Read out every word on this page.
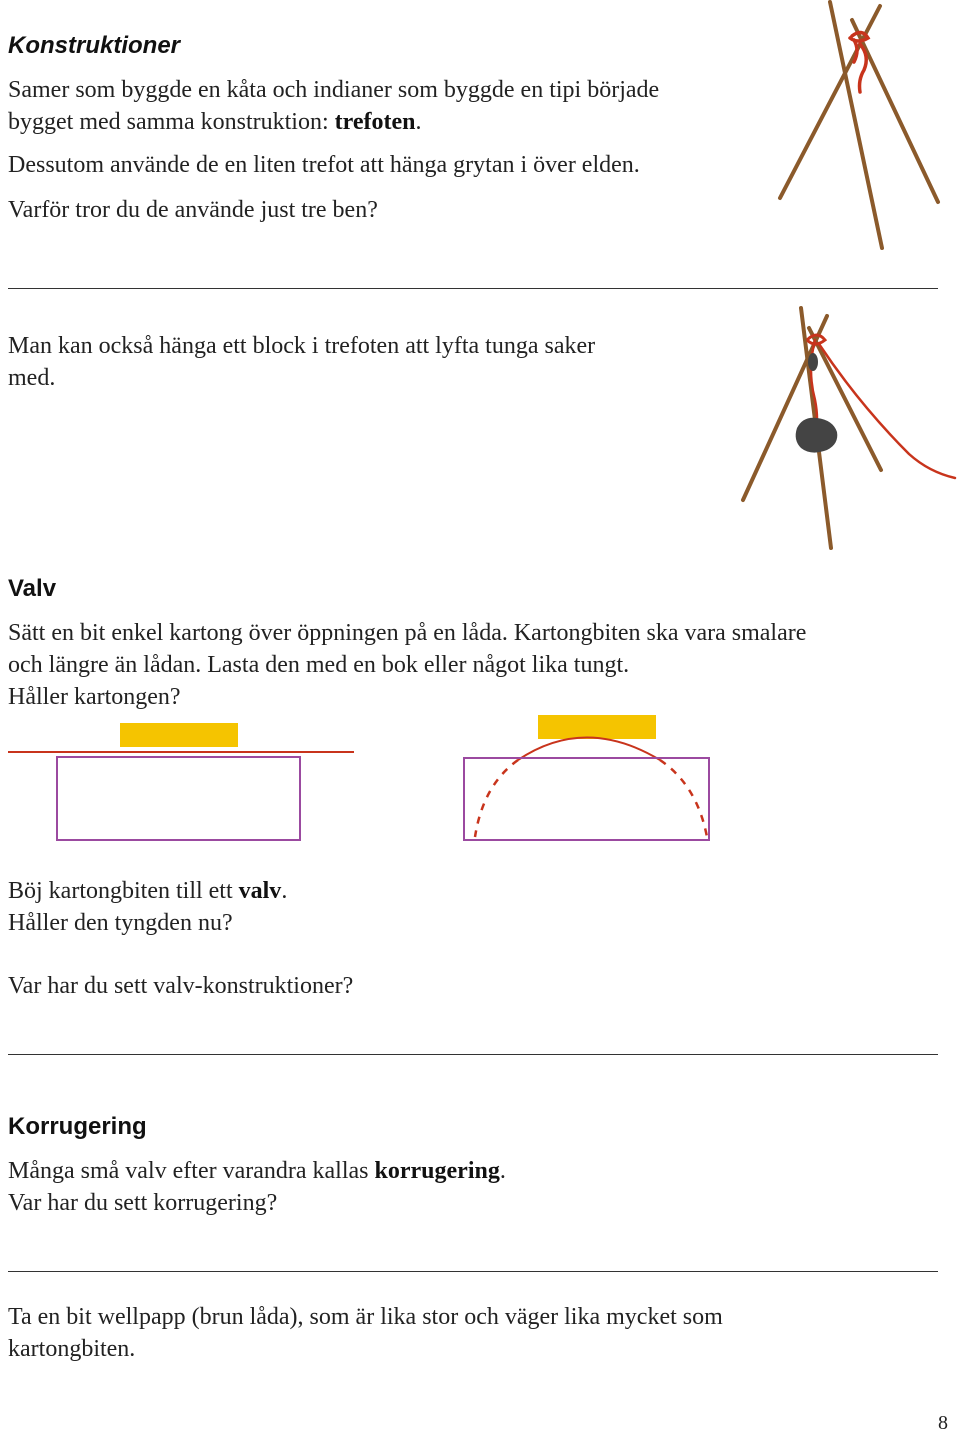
Konstruktioner
Samer som byggde en kåta och indianer som byggde en tipi började
bygget med samma konstruktion: trefoten.
Dessutom använde de en liten trefot att hänga grytan i över elden.
Varför tror du de använde just tre ben?
Man kan också hänga ett block i trefoten att lyfta tunga saker
med.
Valv
Sätt en bit enkel kartong över öppningen på en låda. Kartongbiten ska vara smalare
och längre än lådan. Lasta den med en bok eller något lika tungt.
Håller kartongen?
Böj kartongbiten till ett valv.
Håller den tyngden nu?
Var har du sett valv-konstruktioner?
Korrugering
Många små valv efter varandra kallas korrugering.
Var har du sett korrugering?
Ta en bit wellpapp (brun låda), som är lika stor och väger lika mycket som
kartongbiten.
8
